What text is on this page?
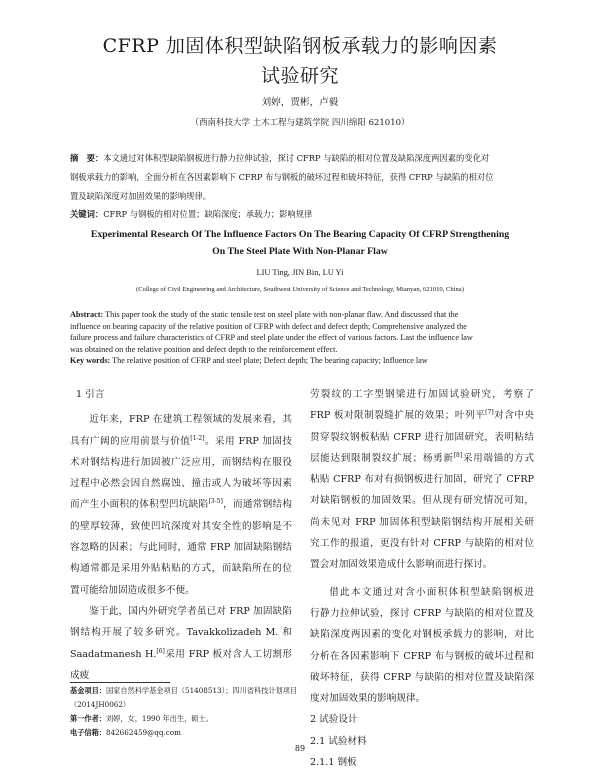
CFRP 加固体积型缺陷钢板承载力的影响因素
试验研究
刘婷，贾彬，卢毅
（西南科技大学 土木工程与建筑学院 四川绵阳 621010）
摘　要：本文通过对体积型缺陷钢板进行静力拉伸试验，探讨 CFRP 与缺陷的相对位置及缺陷深度两因素的变化对
钢板承载力的影响，全面分析在各因素影响下 CFRP 布与钢板的破坏过程和破坏特征，获得 CFRP 与缺陷的相对位
置及缺陷深度对加固效果的影响规律。
关键词：CFRP 与钢板的相对位置；缺陷深度；承载力；影响规律
Experimental Research Of The Influence Factors On The Bearing Capacity Of CFRP Strengthening
On The Steel Plate With Non-Planar Flaw
LIU Ting, JIN Bin, LU Yi
(College of Civil Engineering and Architecture, Southwest University of Science and Technology, Mianyan, 621010, China)
Abstract: This paper took the study of the static tensile test on steel plate with non-planar flaw. And discussed that the
influence on bearing capacity of the relative position of CFRP with defect and defect depth; Comprehensive analyzed the
failure process and failure characteristics of CFRP and steel plate under the effect of various factors. Last the influence law
was obtained on the relative position and defect depth to the reinforcement effect.
Key words: The relative position of CFRP and steel plate; Defect depth; The bearing capacity; Influence law
1 引言
近年来，FRP 在建筑工程领域的发展来看，其
具有广阔的应用前景与价值[1-2]。采用 FRP 加固技
术对钢结构进行加固被广泛应用，而钢结构在服役
过程中必然会因自然腐蚀、撞击或人为破坏等因素
而产生小面积的体积型凹坑缺陷[3-5]，而通常钢结构
的壁厚较薄，致使凹坑深度对其安全性的影响是不
容忽略的因素；与此同时，通常 FRP 加固缺陷钢结
构通常都是采用外贴粘贴的方式，而缺陷所在的位
置可能给加固造成很多不便。
鉴于此，国内外研究学者虽已对 FRP 加固缺陷
钢结构开展了较多研究。Tavakkolizadeh M. 和
Saadatmanesh H.[6]采用 FRP 板对含人工切割形成疲
基金项目：国家自然科学基金项目（51408513）；四川省科技计划项目
（2014JH0062）
第一作者：刘婷，女，1990 年出生，硕士。
电子信箱：842662459@qq.com
劳裂纹的工字型钢梁进行加固试验研究，考察了
FRP 板对限制裂缝扩展的效果；叶列平[7]对含中央
贯穿裂纹钢板粘贴 CFRP 进行加固研究，表明粘结
层能达到限制裂纹扩展；杨勇新[8]采用端锚的方式
粘贴 CFRP 布对有损钢板进行加固，研究了 CFRP
对缺陷钢板的加固效果。但从现有研究情况可知，
尚未见对 FRP 加固体积型缺陷钢结构开展相关研
究工作的报道，更没有针对 CFRP 与缺陷的相对位
置会对加固效果造成什么影响而进行探讨。
借此本文通过对含小面积体积型缺陷钢板进
行静力拉伸试验，探讨 CFRP 与缺陷的相对位置及
缺陷深度两因素的变化对钢板承载力的影响，对比
分析在各因素影响下 CFRP 布与钢板的破坏过程和
破坏特征，获得 CFRP 与缺陷的相对位置及缺陷深
度对加固效果的影响规律。
2 试验设计
2.1 试验材料
2.1.1 钢板
89
